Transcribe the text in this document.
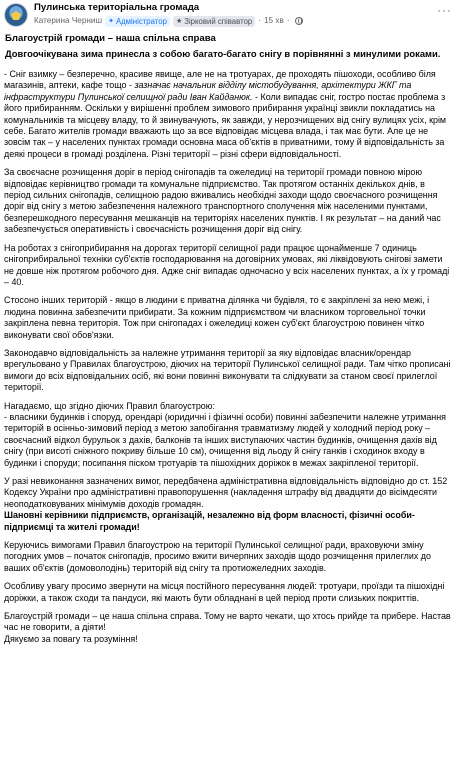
Пулинська територіальна громада
Катерина Черниш ✦ Адміністратор ★ Зірковий співавтор · 15 хв ·
···
Благоустрій громади – наша спільна справа
Довгоочікувана зима принесла з собою багато-багато снігу в порівнянні з минулими роками.

- Сніг взимку – безперечно, красиве явище, але не на тротуарах, де проходять пішоходи, особливо біля магазинів, аптеки, кафе тощо - зазначає начальник відділу містобудування, архітектури ЖКГ та інфраструктури Пулинської селищної ради Іван Кайданюк. - Коли випадає сніг, гостро постає проблема з його прибиранням. Оскільки у вирішенні проблем зимового прибирання українці звикли покладатись на комунальників та місцеву владу, то й звинувачують, як завжди, у нерозчищених від снігу вулицях усіх, крім себе. Багато жителів громади вважають що за все відповідає місцева влада, і так має бути. Але це не зовсім так – у населених пунктах громади основна маса об'єктів в приватними, тому й відповідальність за деякі процеси в громаді розділена. Різні території – різні сфери відповідальності.

За своєчасне розчищення доріг в період снігопадів та ожеледиці на території громади повною мірою відповідає керівництво громади та комунальне підприємство. Так протягом останніх декількох днів, в період сильних снігопадів, селищною радою вживались необхідні заходи щодо своєчасного розчищення доріг від снігу з метою забезпечення належного транспортного сполучення між населеними пунктами, безперешкодного пересування мешканців на територіях населених пунктів. І як результат – на даний час забезпечується оперативність і своєчасність розчищення доріг від снігу.

На роботах з снігоприбирання на дорогах території селищної ради працює щонайменше 7 одиниць снігоприбиральної техніки суб'єктів господарювання на договірних умовах, які ліквідовують снігові замети не довше ніж протягом робочого дня. Адже сніг випадає одночасно у всіх населених пунктах, а їх у громаді – 40.

Стосоно інших територій - якщо в людини є приватна ділянка чи будівля, то є закріплені за нею межі, і людина повинна забезпечити прибирати. За кожним підприємством чи власником торговельної точки закріплена певна територія. Тож при снігопадах і ожеледиці кожен суб'єкт благоустрою повинен чітко виконувати свої обов'язки.

Законодавчо відповідальність за належне утримання території за яку відповідає власник/орендар врегульовано у Правилах благоустрою, діючих на території Пулинської селищної ради. Там чітко прописані вимоги до всіх відповідальних осіб, які вони повинні виконувати та слідкувати за станом своєї прилеглої території.

Нагадаємо, що згідно діючих Правил благоустрою:
- власники будинків і споруд, орендарі (юридичні і фізичні особи) повинні забезпечити належне утримання територій в осінньо-зимовий період з метою запобігання травматизму людей у холодний період року – своєчасний відкол бурульок з дахів, балконів та інших виступаючих частин будинків, очищення дахів від снігу (при висоті сніжного покриву більше 10 см), очищення від льоду й снігу ганків і сходинок входу в будинки і споруди; посипання піском тротуарів та пішохідних доріжок в межах закріпленої території.

У разі невиконання зазначених вимог, передбачена адміністративна відповідальність відповідно до ст. 152 Кодексу України про адміністративні правопорушення (накладення штрафу від двадцяти до вісімдесяти неоподатковуваних мінімумів доходів громадян.
Шановні керівники підприємств, організацій, незалежно від форм власності, фізичні особи-підприємці та жителі громади!

Керуючись вимогами Правил благоустрою на території Пулинської селищної ради, враховуючи зміну погодних умов – початок снігопадів, просимо вжити вичерпних заходів щодо розчищення прилеглих до ваших об'єктів (домоволодінь) територій від снігу та протиожеледних заходів.

Особливу увагу просимо звернути на місця постійного пересування людей: тротуари, проїзди та пішохідні доріжки, а також сходи та пандуси, які мають бути обладнані в цей період проти слизьких покриттів.

Благоустрій громади – це наша спільна справа. Тому не варто чекати, що хтось прийде та прибере. Настав час не говорити, а діяти!
Дякуємо за повагу та розуміння!
